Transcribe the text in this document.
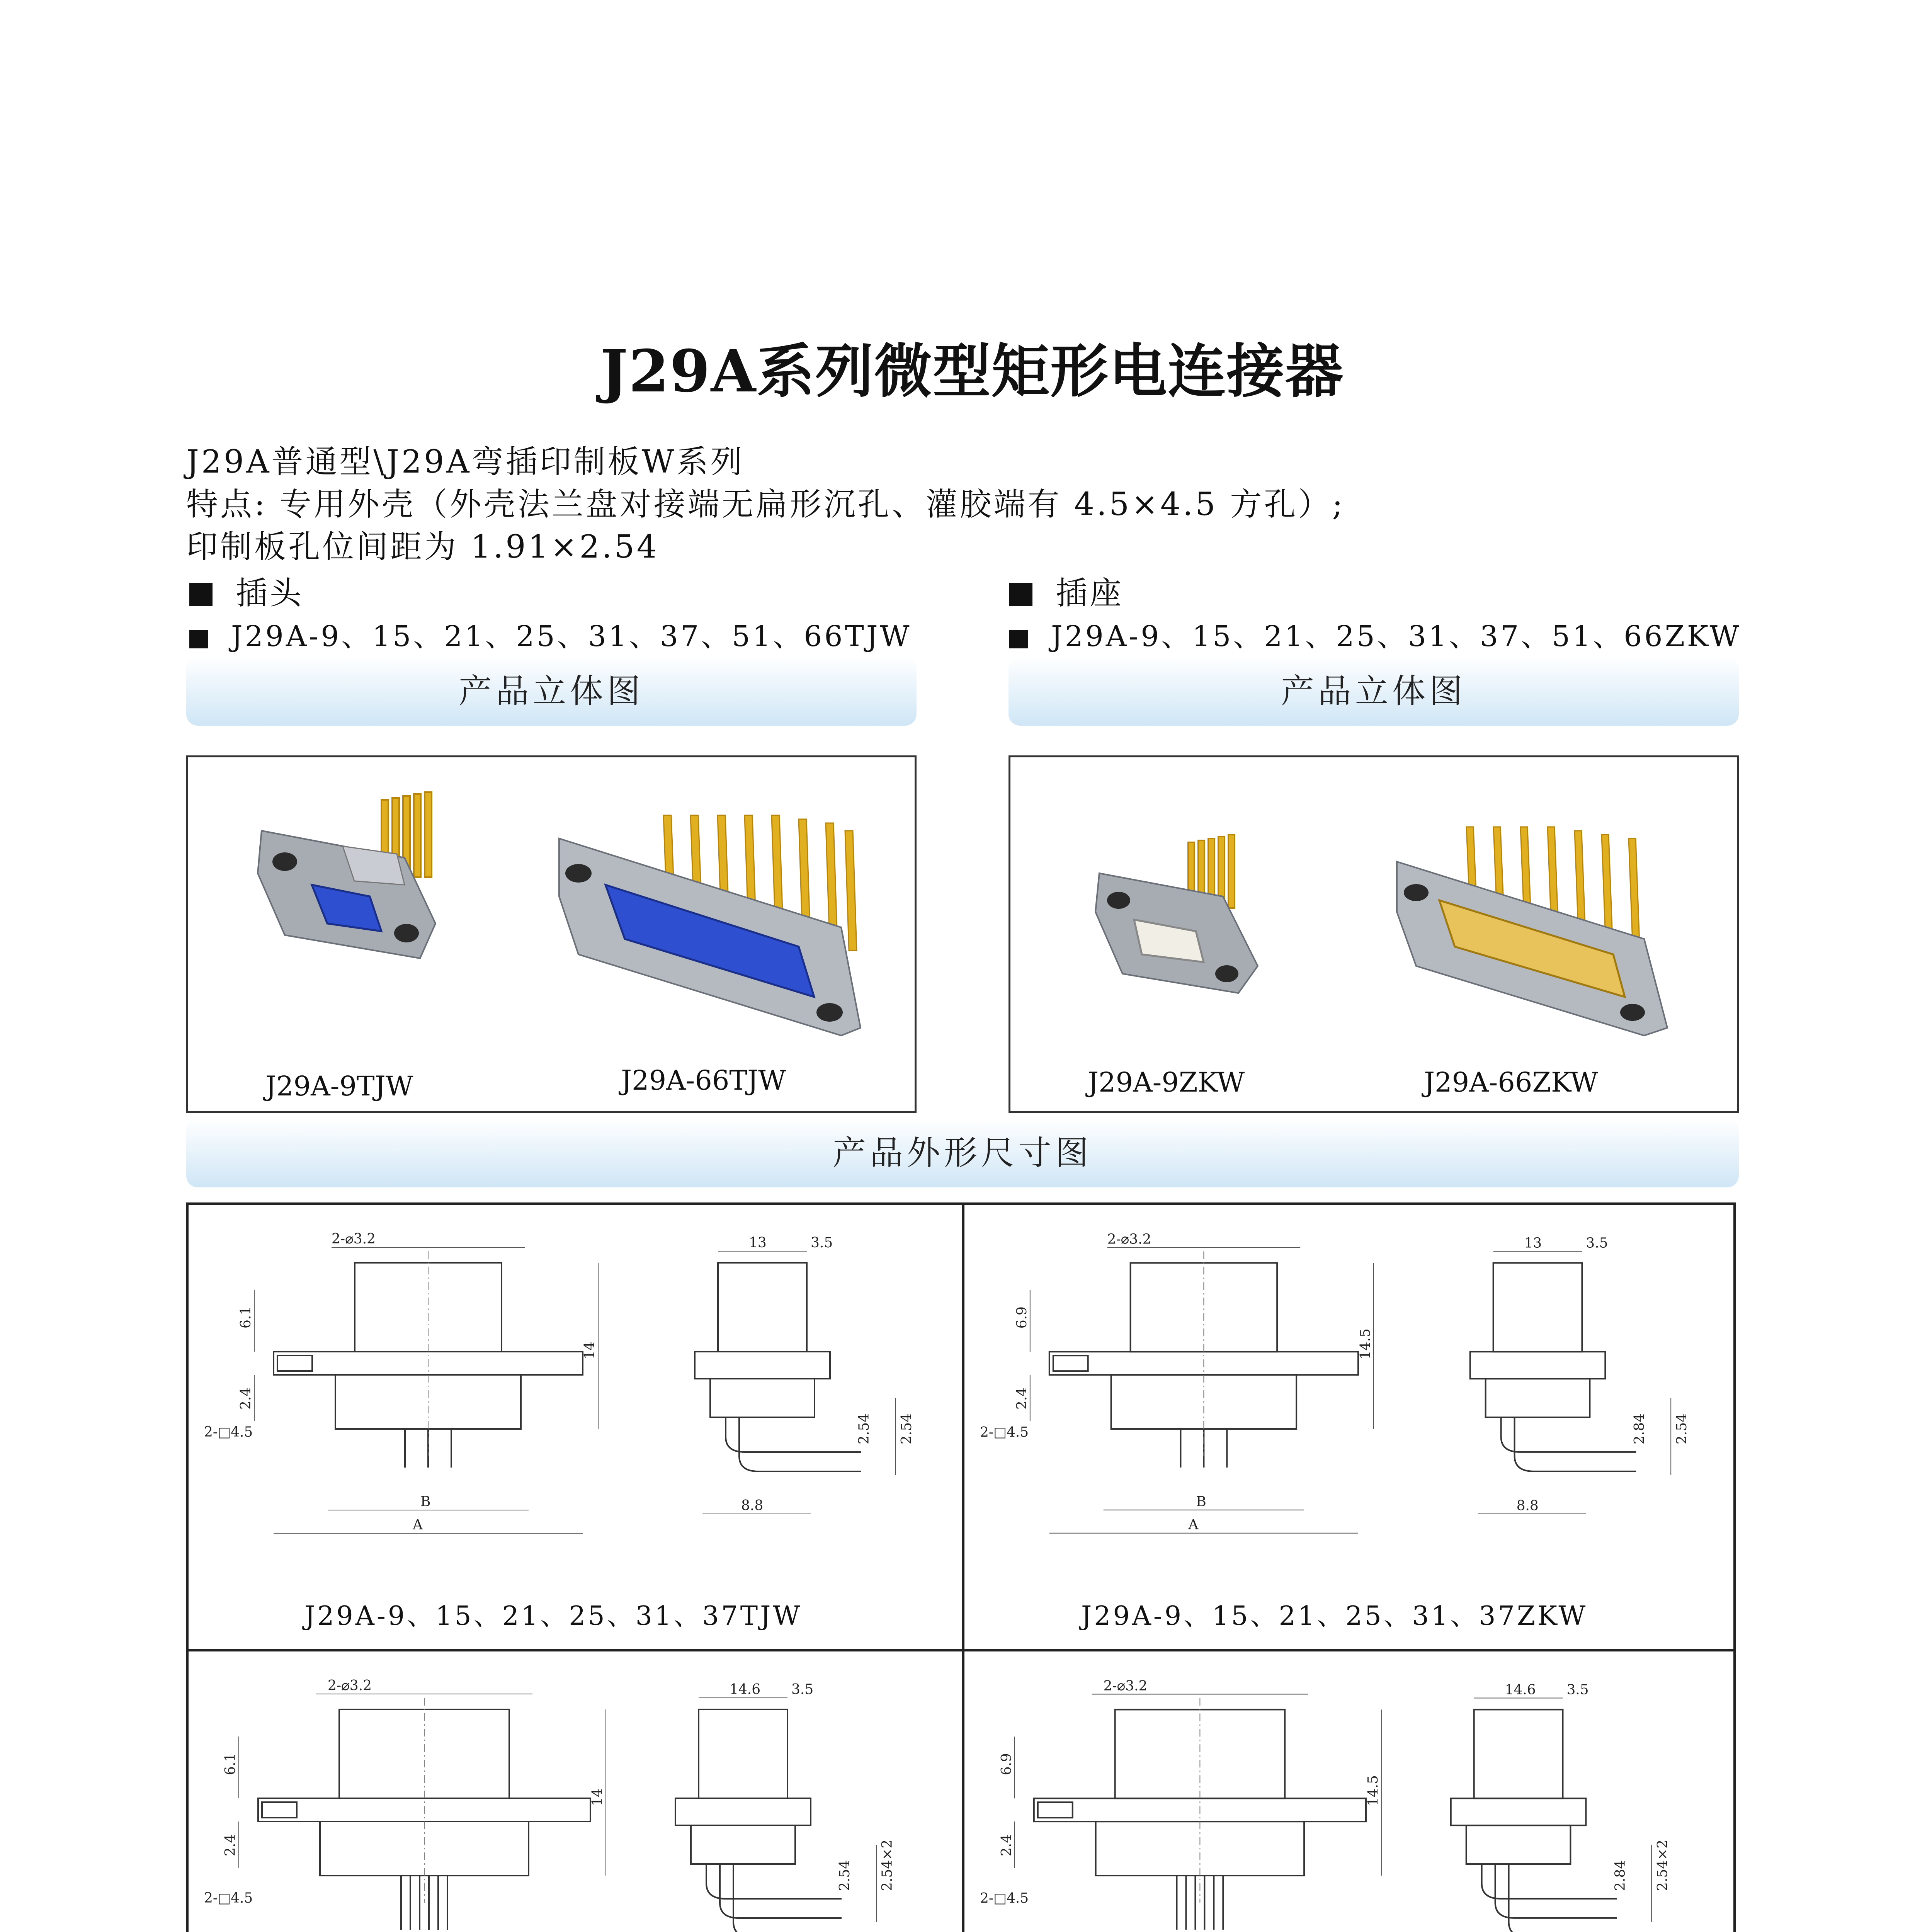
J29A系列微型矩形电连接器
J29A普通型\J29A弯插印制板W系列
特点: 专用外壳（外壳法兰盘对接端无扁形沉孔、灌胶端有 4.5×4.5 方孔）;
印制板孔位间距为 1.91×2.54
插头
J29A-9、15、21、25、31、37、51、66TJW
插座
J29A-9、15、21、25、31、37、51、66ZKW
产品立体图	产品立体图
J29A-9TJW	J29A-66TJW	J29A-9ZKW	J29A-66ZKW
产品外形尺寸图
A
B
2-⌀3.2
6.1
2.4
2-□4.5
14
13	3.5
8.8
2.54 2.54
A
B
2-⌀3.2
6.9
2.4
2-□4.5
14.5
13	3.5
8.8
2.84 2.54
2-⌀3.2
6.1
2.4
2-□4.5
14
14.6 3.5
2.54 2.54×2
2-⌀3.2
6.9
2.4
2-□4.5
14.5
14.6 3.5
2.84 2.54×2
J29A-9、15、21、25、31、37TJW	J29A-9、15、21、25、31、37ZKW
